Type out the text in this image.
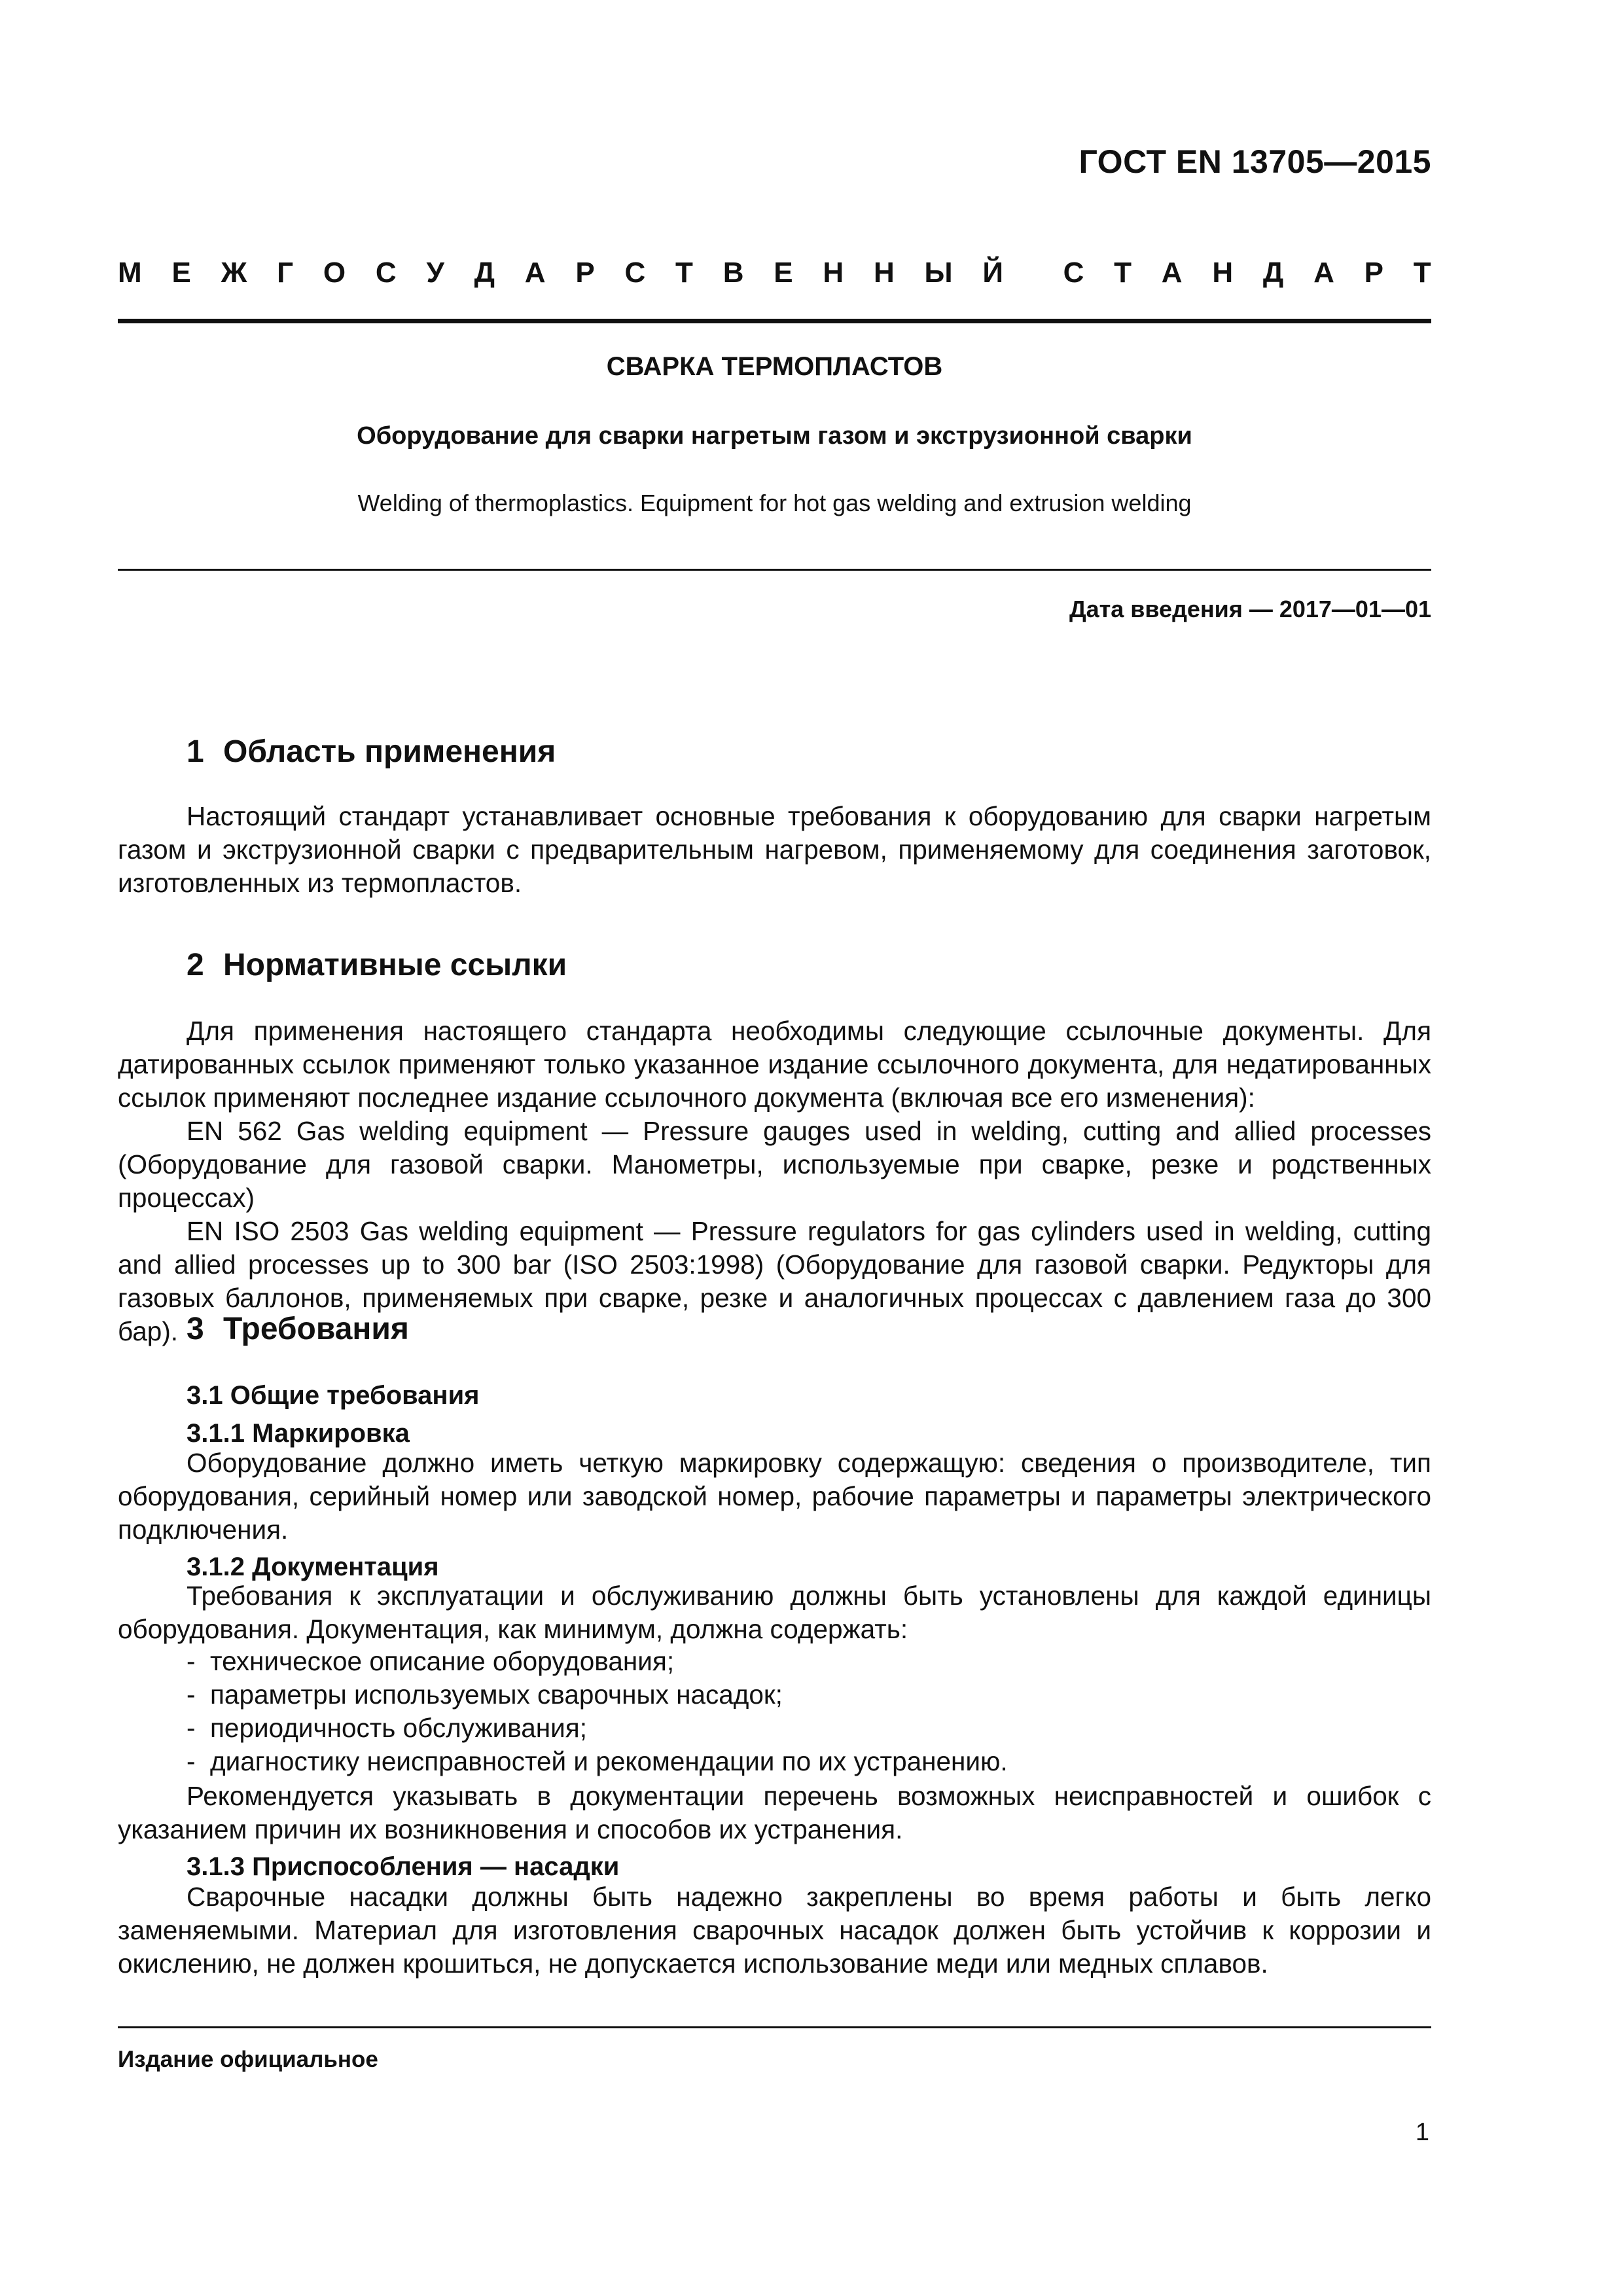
ГОСТ EN 13705—2015
М Е Ж Г О С У Д А Р С Т В Е Н Н Ы Й С Т А Н Д А Р Т
СВАРКА ТЕРМОПЛАСТОВ
Оборудование для сварки нагретым газом и экструзионной сварки
Welding of thermoplastics. Equipment for hot gas welding and extrusion welding
Дата введения — 2017—01—01
1 Область применения

Настоящий стандарт устанавливает основные требования к оборудованию для сварки нагретым газом и экструзионной сварки с предварительным нагревом, применяемому для соединения заготовок, изготовленных из термопластов.

2 Нормативные ссылки

Для применения настоящего стандарта необходимы следующие ссылочные документы. Для датированных ссылок применяют только указанное издание ссылочного документа, для недатированных ссылок применяют последнее издание ссылочного документа (включая все его изменения):

EN 562 Gas welding equipment — Pressure gauges used in welding, cutting and allied processes (Оборудование для газовой сварки. Манометры, используемые при сварке, резке и родственных процессах)

EN ISO 2503 Gas welding equipment — Pressure regulators for gas cylinders used in welding, cutting and allied processes up to 300 bar (ISO 2503:1998) (Оборудование для газовой сварки. Редукторы для газовых баллонов, применяемых при сварке, резке и аналогичных процессах с давлением газа до 300 бар). 3 Требования
3.1 Общие требования
3.1.1 Маркировка

Оборудование должно иметь четкую маркировку содержащую: сведения о производителе, тип оборудования, серийный номер или заводской номер, рабочие параметры и параметры электрического подключения.

3.1.2 Документация

Требования к эксплуатации и обслуживанию должны быть установлены для каждой единицы оборудования. Документация, как минимум, должна содержать:

- техническое описание оборудования;
- параметры используемых сварочных насадок;
- периодичность обслуживания;
- диагностику неисправностей и рекомендации по их устранению.

Рекомендуется указывать в документации перечень возможных неисправностей и ошибок с указанием причин их возникновения и способов их устранения.

3.1.3 Приспособления — насадки

Сварочные насадки должны быть надежно закреплены во время работы и быть легко заменяемыми. Материал для изготовления сварочных насадок должен быть устойчив к коррозии и окислению, не должен крошиться, не допускается использование меди или медных сплавов.

Издание официальное
1
